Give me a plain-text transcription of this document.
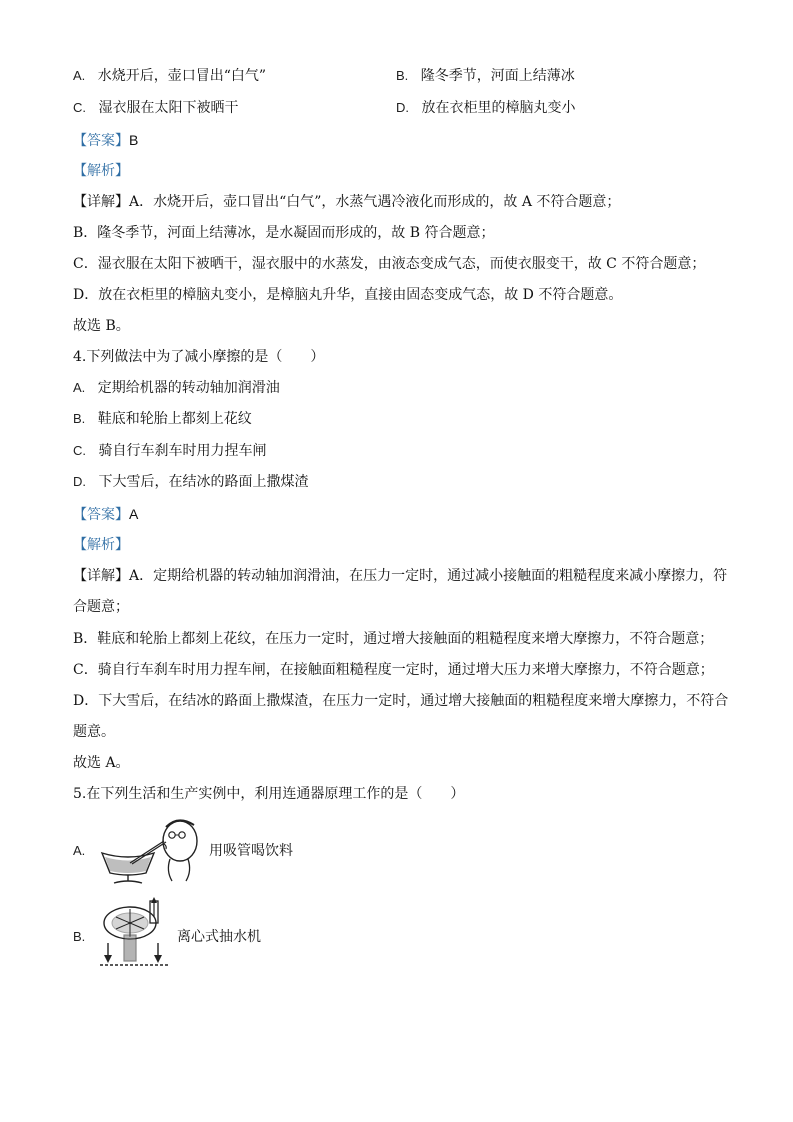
A. 水烧开后，壶口冒出“白气”	B. 隆冬季节，河面上结薄冰
C. 湿衣服在太阳下被晒干	D. 放在衣柜里的樟脑丸变小
【答案】B
【解析】
【详解】A．水烧开后，壶口冒出“白气”，水蒸气遇冷液化而形成的，故 A 不符合题意；
B．隆冬季节，河面上结薄冰，是水凝固而形成的，故 B 符合题意；
C．湿衣服在太阳下被晒干，湿衣服中的水蒸发，由液态变成气态，而使衣服变干，故 C 不符合题意；
D．放在衣柜里的樟脑丸变小，是樟脑丸升华，直接由固态变成气态，故 D 不符合题意。
故选 B。
4.下列做法中为了减小摩擦的是（　　）
A. 定期给机器的转动轴加润滑油
B. 鞋底和轮胎上都刻上花纹
C. 骑自行车刹车时用力捏车闸
D. 下大雪后，在结冰的路面上撒煤渣
【答案】A
【解析】
【详解】A．定期给机器的转动轴加润滑油，在压力一定时，通过减小接触面的粗糙程度来减小摩擦力，符
合题意；
B．鞋底和轮胎上都刻上花纹，在压力一定时，通过增大接触面的粗糙程度来增大摩擦力，不符合题意；
C．骑自行车刹车时用力捏车闸，在接触面粗糙程度一定时，通过增大压力来增大摩擦力，不符合题意；
D．下大雪后，在结冰的路面上撒煤渣，在压力一定时，通过增大接触面的粗糙程度来增大摩擦力，不符合
题意。
故选 A。
5.在下列生活和生产实例中，利用连通器原理工作的是（　　）
A.	用吸管喝饮料
B.	离心式抽水机
